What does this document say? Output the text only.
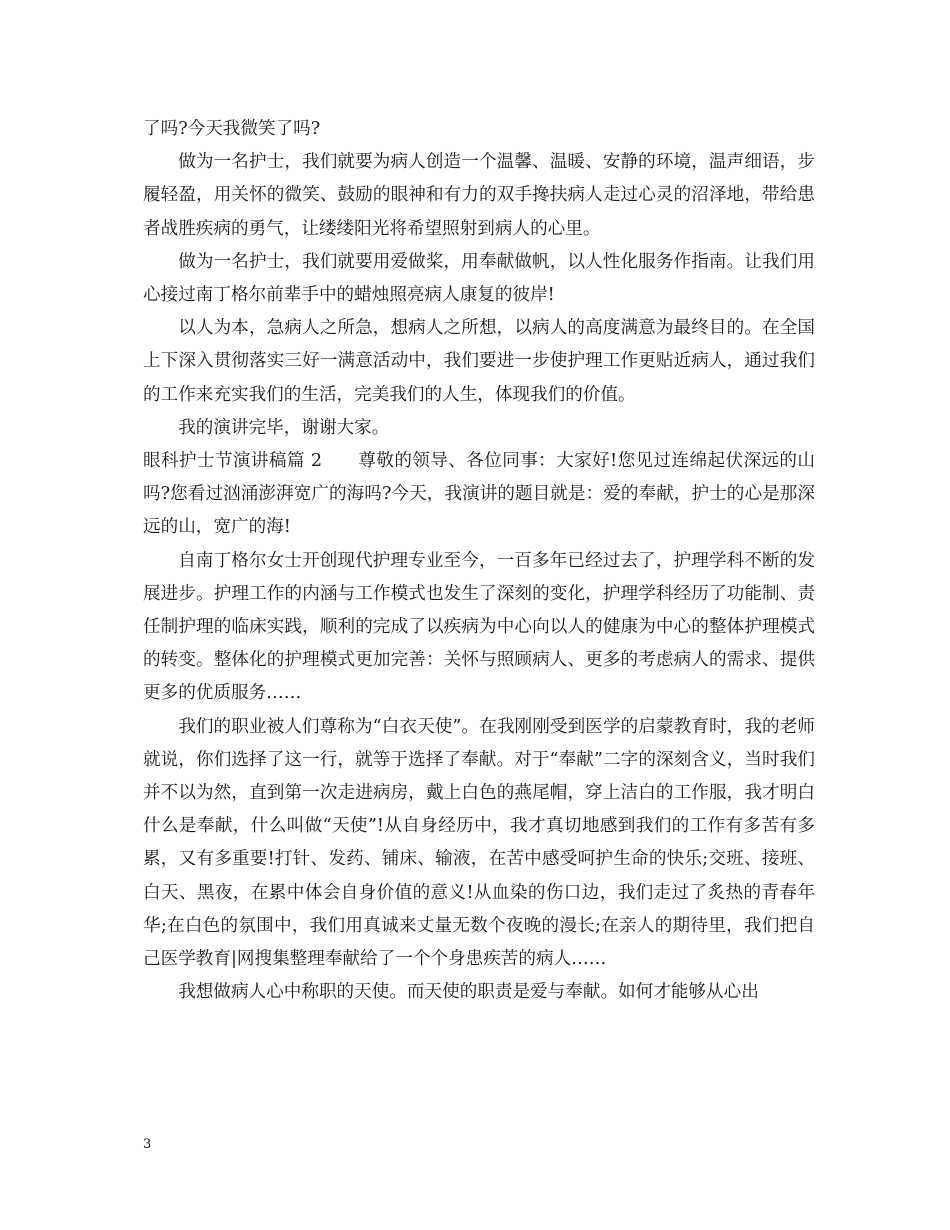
了吗?今天我微笑了吗?

做为一名护士，我们就要为病人创造一个温馨、温暖、安静的环境，温声细语，步履轻盈，用关怀的微笑、鼓励的眼神和有力的双手搀扶病人走过心灵的沼泽地，带给患者战胜疾病的勇气，让缕缕阳光将希望照射到病人的心里。

做为一名护士，我们就要用爱做桨，用奉献做帆，以人性化服务作指南。让我们用心接过南丁格尔前辈手中的蜡烛照亮病人康复的彼岸!

以人为本，急病人之所急，想病人之所想，以病人的高度满意为最终目的。在全国上下深入贯彻落实三好一满意活动中，我们要进一步使护理工作更贴近病人，通过我们的工作来充实我们的生活，完美我们的人生，体现我们的价值。

我的演讲完毕，谢谢大家。

眼科护士节演讲稿篇 2　　尊敬的领导、各位同事：大家好!您见过连绵起伏深远的山吗?您看过汹涌澎湃宽广的海吗?今天，我演讲的题目就是：爱的奉献，护士的心是那深远的山，宽广的海!

自南丁格尔女士开创现代护理专业至今，一百多年已经过去了，护理学科不断的发展进步。护理工作的内涵与工作模式也发生了深刻的变化，护理学科经历了功能制、责任制护理的临床实践，顺利的完成了以疾病为中心向以人的健康为中心的整体护理模式的转变。整体化的护理模式更加完善：关怀与照顾病人、更多的考虑病人的需求、提供更多的优质服务……

我们的职业被人们尊称为“白衣天使”。在我刚刚受到医学的启蒙教育时，我的老师就说，你们选择了这一行，就等于选择了奉献。对于“奉献”二字的深刻含义，当时我们并不以为然，直到第一次走进病房，戴上白色的燕尾帽，穿上洁白的工作服，我才明白什么是奉献，什么叫做“天使”!从自身经历中，我才真切地感到我们的工作有多苦有多累，又有多重要!打针、发药、铺床、输液，在苦中感受呵护生命的快乐;交班、接班、白天、黑夜，在累中体会自身价值的意义!从血染的伤口边，我们走过了炙热的青春年华;在白色的氛围中，我们用真诚来丈量无数个夜晚的漫长;在亲人的期待里，我们把自己医学教育|网搜集整理奉献给了一个个身患疾苦的病人……

我想做病人心中称职的天使。而天使的职责是爱与奉献。如何才能够从心出

3
